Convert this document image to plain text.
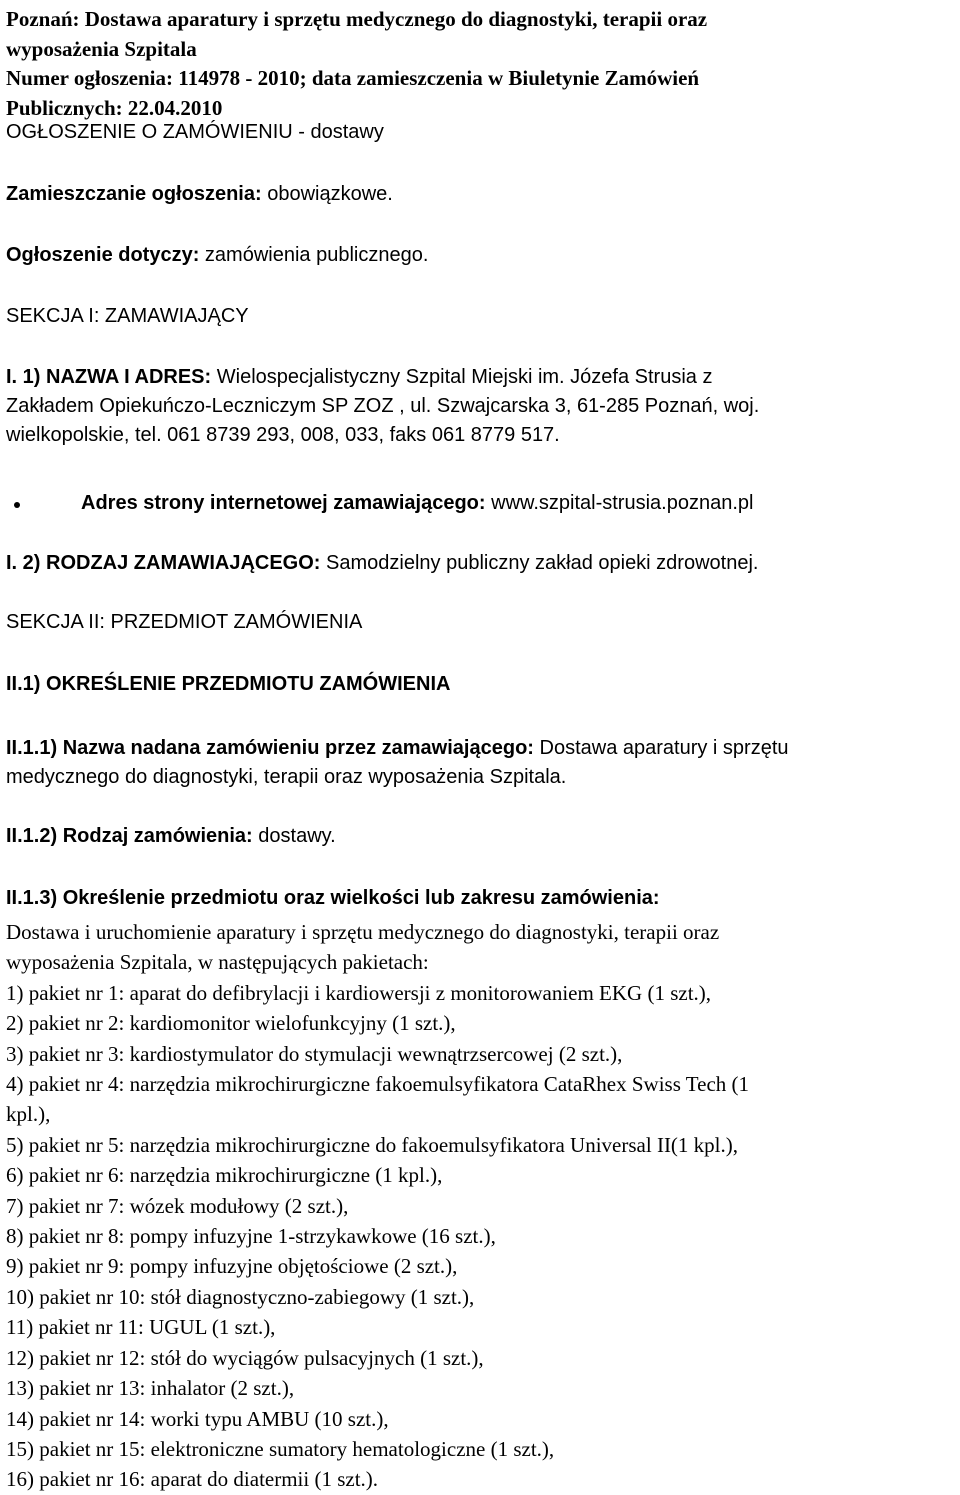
Poznań: Dostawa aparatury i sprzętu medycznego do diagnostyki, terapii oraz
wyposażenia Szpitala
Numer ogłoszenia: 114978 - 2010; data zamieszczenia w Biuletynie Zamówień
Publicznych: 22.04.2010
OGŁOSZENIE O ZAMÓWIENIU - dostawy
Zamieszczanie ogłoszenia: obowiązkowe.
Ogłoszenie dotyczy: zamówienia publicznego.
SEKCJA I: ZAMAWIAJĄCY
I. 1) NAZWA I ADRES: Wielospecjalistyczny Szpital Miejski im. Józefa Strusia z
Zakładem Opiekuńczo-Leczniczym SP ZOZ , ul. Szwajcarska 3, 61-285 Poznań, woj.
wielkopolskie, tel. 061 8739 293, 008, 033, faks 061 8779 517.
Adres strony internetowej zamawiającego: www.szpital-strusia.poznan.pl
I. 2) RODZAJ ZAMAWIAJĄCEGO: Samodzielny publiczny zakład opieki zdrowotnej.
SEKCJA II: PRZEDMIOT ZAMÓWIENIA
II.1) OKREŚLENIE PRZEDMIOTU ZAMÓWIENIA
II.1.1) Nazwa nadana zamówieniu przez zamawiającego: Dostawa aparatury i sprzętu
medycznego do diagnostyki, terapii oraz wyposażenia Szpitala.
II.1.2) Rodzaj zamówienia: dostawy.
II.1.3) Określenie przedmiotu oraz wielkości lub zakresu zamówienia:
Dostawa i uruchomienie aparatury i sprzętu medycznego do diagnostyki, terapii oraz
wyposażenia Szpitala, w następujących pakietach:
1) pakiet nr 1: aparat do defibrylacji i kardiowersji z monitorowaniem EKG (1 szt.),
2) pakiet nr 2: kardiomonitor wielofunkcyjny (1 szt.),
3) pakiet nr 3: kardiostymulator do stymulacji wewnątrzsercowej (2 szt.),
4) pakiet nr 4: narzędzia mikrochirurgiczne fakoemulsyfikatora CataRhex Swiss Tech (1
kpl.),
5) pakiet nr 5: narzędzia mikrochirurgiczne do fakoemulsyfikatora Universal II(1 kpl.),
6) pakiet nr 6: narzędzia mikrochirurgiczne (1 kpl.),
7) pakiet nr 7: wózek modułowy (2 szt.),
8) pakiet nr 8: pompy infuzyjne 1-strzykawkowe (16 szt.),
9) pakiet nr 9: pompy infuzyjne objętościowe (2 szt.),
10) pakiet nr 10: stół diagnostyczno-zabiegowy (1 szt.),
11) pakiet nr 11: UGUL (1 szt.),
12) pakiet nr 12: stół do wyciągów pulsacyjnych (1 szt.),
13) pakiet nr 13: inhalator (2 szt.),
14) pakiet nr 14: worki typu AMBU (10 szt.),
15) pakiet nr 15: elektroniczne sumatory hematologiczne (1 szt.),
16) pakiet nr 16: aparat do diatermii (1 szt.).
